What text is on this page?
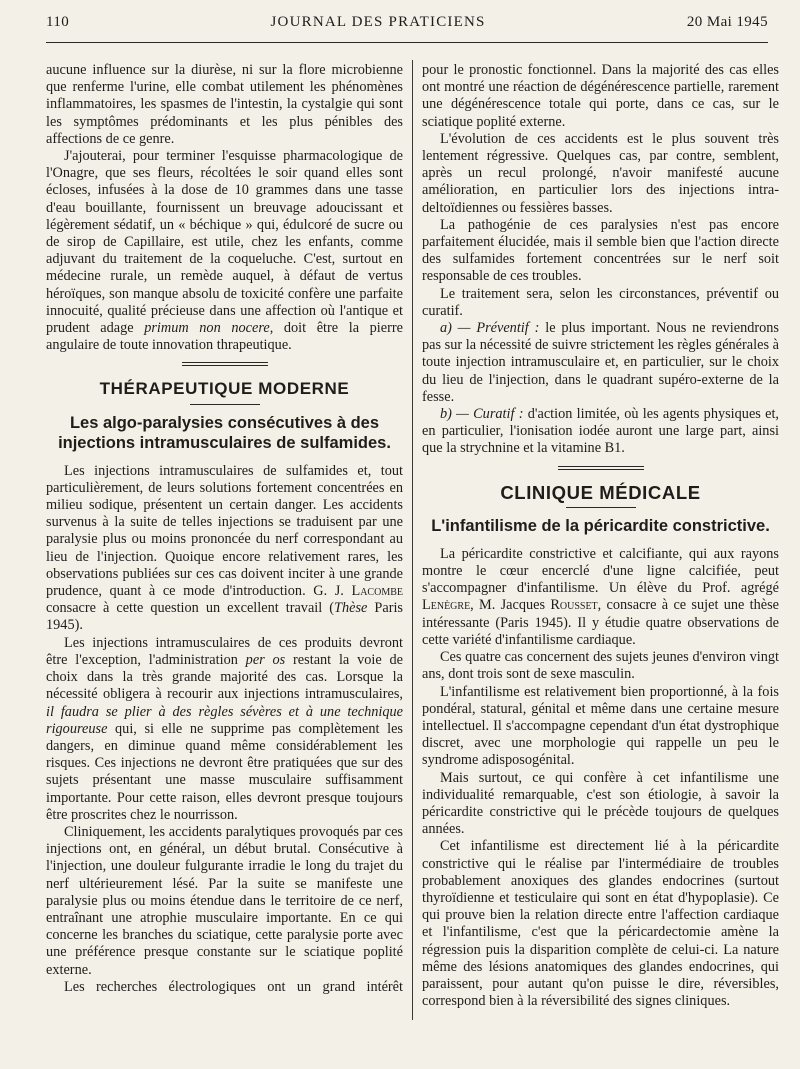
110	JOURNAL DES PRATICIENS	20 Mai 1945

aucune influence sur la diurèse, ni sur la flore microbienne que renferme l'urine, elle combat utilement les phénomènes inflammatoires, les spasmes de l'intestin, la cystalgie qui sont les symptômes prédominants et les plus pénibles des affections de ce genre.

J'ajouterai, pour terminer l'esquisse pharmacologique de l'Onagre, que ses fleurs, récoltées le soir quand elles sont écloses, infusées à la dose de 10 grammes dans une tasse d'eau bouillante, fournissent un breuvage adoucissant et légèrement sédatif, un « béchique » qui, édulcoré de sucre ou de sirop de Capillaire, est utile, chez les enfants, comme adjuvant du traitement de la coqueluche. C'est, surtout en médecine rurale, un remède auquel, à défaut de vertus héroïques, son manque absolu de toxicité confère une parfaite innocuité, qualité précieuse dans une affection où l'antique et prudent adage primum non nocere, doit être la pierre angulaire de toute innovation thrapeutique.

THÉRAPEUTIQUE MODERNE
Les algo-paralysies consécutives à des injections intramusculaires de sulfamides.

Les injections intramusculaires de sulfamides et, tout particulièrement, de leurs solutions fortement concentrées en milieu sodique, présentent un certain danger. Les accidents survenus à la suite de telles injections se traduisent par une paralysie plus ou moins prononcée du nerf correspondant au lieu de l'injection. Quoique encore relativement rares, les observations publiées sur ces cas doivent inciter à une grande prudence, quant à ce mode d'introduction. G. J. Lacombe consacre à cette question un excellent travail (Thèse Paris 1945).

Les injections intramusculaires de ces produits devront être l'exception, l'administration per os restant la voie de choix dans la très grande majorité des cas. Lorsque la nécessité obligera à recourir aux injections intramusculaires, il faudra se plier à des règles sévères et à une technique rigoureuse qui, si elle ne supprime pas complètement les dangers, en diminue quand même considérablement les risques. Ces injections ne devront être pratiquées que sur des sujets présentant une masse musculaire suffisamment importante. Pour cette raison, elles devront presque toujours être proscrites chez le nourrisson.

Cliniquement, les accidents paralytiques provoqués par ces injections ont, en général, un début brutal. Consécutive à l'injection, une douleur fulgurante irradie le long du trajet du nerf ultérieurement lésé. Par la suite se manifeste une paralysie plus ou moins étendue dans le territoire de ce nerf, entraînant une atrophie musculaire importante. En ce qui concerne les branches du sciatique, cette paralysie porte avec une préférence presque constante sur le sciatique poplité externe.

Les recherches électrologiques ont un grand intérêt

pour le pronostic fonctionnel. Dans la majorité des cas elles ont montré une réaction de dégénérescence partielle, rarement une dégénérescence totale qui porte, dans ce cas, sur le sciatique poplité externe.

L'évolution de ces accidents est le plus souvent très lentement régressive. Quelques cas, par contre, semblent, après un recul prolongé, n'avoir manifesté aucune amélioration, en particulier lors des injections intra-deltoïdiennes ou fessières basses.

La pathogénie de ces paralysies n'est pas encore parfaitement élucidée, mais il semble bien que l'action directe des sulfamides fortement concentrées sur le nerf soit responsable de ces troubles.

Le traitement sera, selon les circonstances, préventif ou curatif.

a) — Préventif : le plus important. Nous ne reviendrons pas sur la nécessité de suivre strictement les règles générales à toute injection intramusculaire et, en particulier, sur le choix du lieu de l'injection, dans le quadrant supéro-externe de la fesse.

b) — Curatif : d'action limitée, où les agents physiques et, en particulier, l'ionisation iodée auront une large part, ainsi que la strychnine et la vitamine B1.

CLINIQUE MÉDICALE
L'infantilisme de la péricardite constrictive.

La péricardite constrictive et calcifiante, qui aux rayons montre le cœur encerclé d'une ligne calcifiée, peut s'accompagner d'infantilisme. Un élève du Prof. agrégé Lenègre, M. Jacques Rousset, consacre à ce sujet une thèse intéressante (Paris 1945). Il y étudie quatre observations de cette variété d'infantilisme cardiaque.

Ces quatre cas concernent des sujets jeunes d'environ vingt ans, dont trois sont de sexe masculin.

L'infantilisme est relativement bien proportionné, à la fois pondéral, statural, génital et même dans une certaine mesure intellectuel. Il s'accompagne cependant d'un état dystrophique discret, avec une morphologie qui rappelle un peu le syndrome adisposogénital.

Mais surtout, ce qui confère à cet infantilisme une individualité remarquable, c'est son étiologie, à savoir la péricardite constrictive qui le précède toujours de quelques années.

Cet infantilisme est directement lié à la péricardite constrictive qui le réalise par l'intermédiaire de troubles probablement anoxiques des glandes endocrines (surtout thyroïdienne et testiculaire qui sont en état d'hypoplasie). Ce qui prouve bien la relation directe entre l'affection cardiaque et l'infantilisme, c'est que la péricardectomie amène la régression puis la disparition complète de celui-ci. La nature même des lésions anatomiques des glandes endocrines, qui paraissent, pour autant qu'on puisse le dire, réversibles, correspond bien à la réversibilité des signes cliniques.
